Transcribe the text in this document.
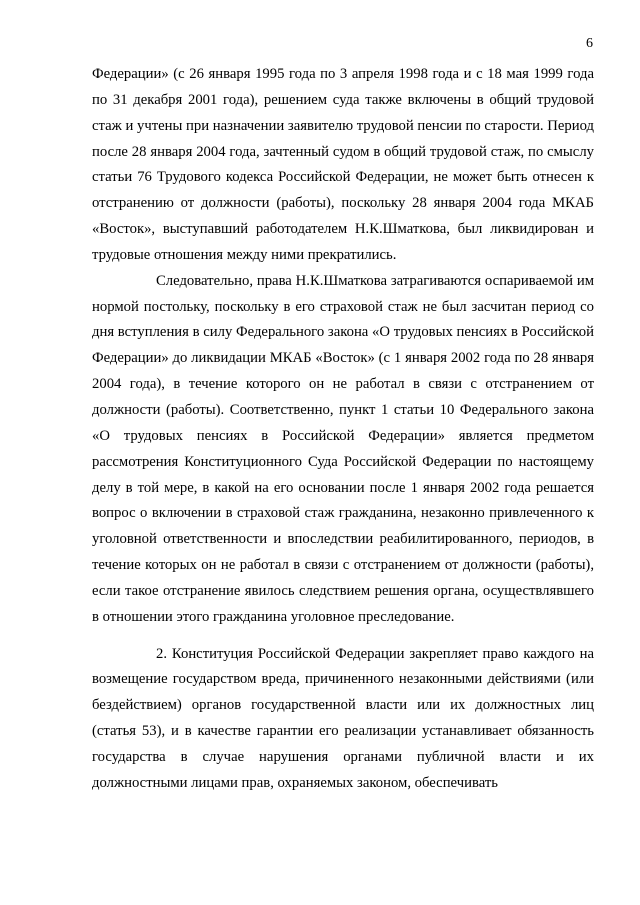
6

Федерации» (с 26 января 1995 года по 3 апреля 1998 года и с 18 мая 1999 года по 31 декабря 2001 года), решением суда также включены в общий трудовой стаж и учтены при назначении заявителю трудовой пенсии по старости. Период после 28 января 2004 года, зачтенный судом в общий трудовой стаж, по смыслу статьи 76 Трудового кодекса Российской Федерации, не может быть отнесен к отстранению от должности (работы), поскольку 28 января 2004 года МКАБ «Восток», выступавший работодателем Н.К.Шматкова, был ликвидирован и трудовые отношения между ними прекратились.

Следовательно, права Н.К.Шматкова затрагиваются оспариваемой им нормой постольку, поскольку в его страховой стаж не был засчитан период со дня вступления в силу Федерального закона «О трудовых пенсиях в Российской Федерации» до ликвидации МКАБ «Восток» (с 1 января 2002 года по 28 января 2004 года), в течение которого он не работал в связи с отстранением от должности (работы). Соответственно, пункт 1 статьи 10 Федерального закона «О трудовых пенсиях в Российской Федерации» является предметом рассмотрения Конституционного Суда Российской Федерации по настоящему делу в той мере, в какой на его основании после 1 января 2002 года решается вопрос о включении в страховой стаж гражданина, незаконно привлеченного к уголовной ответственности и впоследствии реабилитированного, периодов, в течение которых он не работал в связи с отстранением от должности (работы), если такое отстранение явилось следствием решения органа, осуществлявшего в отношении этого гражданина уголовное преследование.

2. Конституция Российской Федерации закрепляет право каждого на возмещение государством вреда, причиненного незаконными действиями (или бездействием) органов государственной власти или их должностных лиц (статья 53), и в качестве гарантии его реализации устанавливает обязанность государства в случае нарушения органами публичной власти и их должностными лицами прав, охраняемых законом, обеспечивать
